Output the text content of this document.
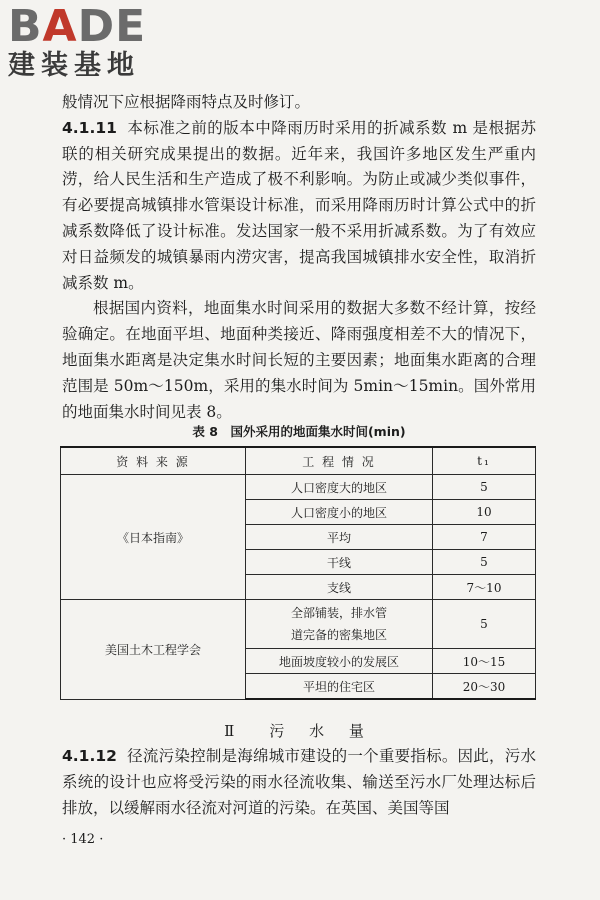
BADE
建装基地

般情况下应根据降雨特点及时修订。

4.1.11 本标准之前的版本中降雨历时采用的折减系数 m 是根据苏联的相关研究成果提出的数据。近年来，我国许多地区发生严重内涝，给人民生活和生产造成了极不利影响。为防止或减少类似事件，有必要提高城镇排水管渠设计标准，而采用降雨历时计算公式中的折减系数降低了设计标准。发达国家一般不采用折减系数。为了有效应对日益频发的城镇暴雨内涝灾害，提高我国城镇排水安全性，取消折减系数 m。

根据国内资料，地面集水时间采用的数据大多数不经计算，按经验确定。在地面平坦、地面种类接近、降雨强度相差不大的情况下，地面集水距离是决定集水时间长短的主要因素；地面集水距离的合理范围是 50m～150m，采用的集水时间为 5min～15min。国外常用的地面集水时间见表 8。

表 8　国外采用的地面集水时间(min)
资 料 来 源	工 程 情 况	t₁
《日本指南》	人口密度大的地区	5
	人口密度小的地区	10
	平均	7
	干线	5
	支线	7～10
美国土木工程学会	全部铺装，排水管道完备的密集地区	5
	地面坡度较小的发展区	10～15
	平坦的住宅区	20～30
Ⅱ　污 水 量

4.1.12 径流污染控制是海绵城市建设的一个重要指标。因此，污水系统的设计也应将受污染的雨水径流收集、输送至污水厂处理达标后排放，以缓解雨水径流对河道的污染。在英国、美国等国

· 142 ·
